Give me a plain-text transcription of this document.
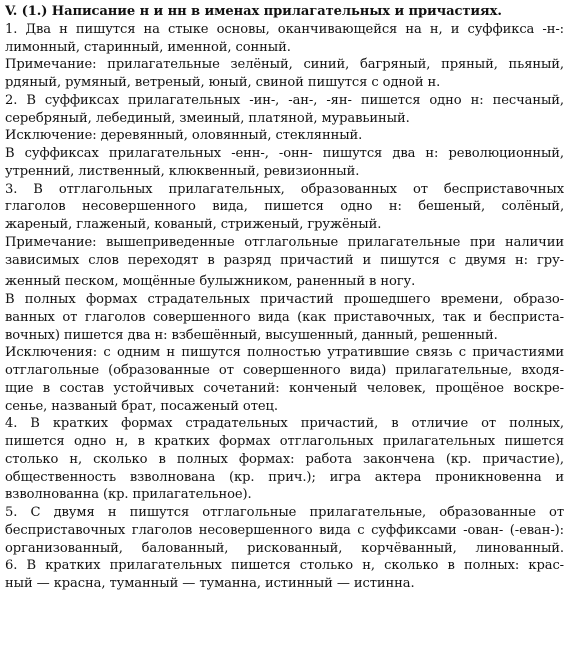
V. (1.) Написание н и нн в именах прилагательных и причастиях.
1. Два н пишутся на стыке основы, оканчивающейся на н, и суффикса -н-:
лимонный, старинный, именной, сонный.
Примечание: прилагательные зелёный, синий, багряный, пряный, пьяный,
рдяный, румяный, ветреный, юный, свиной пишутся с одной н.
2. В суффиксах прилагательных -ин-, -ан-, -ян- пишется одно н: песчаный,
серебряный, лебединый, змеиный, платяной, муравьиный.
Исключение: деревянный, оловянный, стеклянный.
В суффиксах прилагательных -енн-, -онн- пишутся два н: революционный,
утренний, лиственный, клюквенный, ревизионный.
3. В отглагольных прилагательных, образованных от бесприставочных
глаголов несовершенного вида, пишется одно н: бешеный, солёный,
жареный, глаженый, кованый, стриженый, гружёный.
Примечание: вышеприведенные отглагольные прилагательные при наличии
зависимых слов переходят в разряд причастий и пишутся с двумя н: гру-
женный песком, мощённые булыжником, раненный в ногу.
В полных формах страдательных причастий прошедшего времени, образо-
ванных от глаголов совершенного вида (как приставочных, так и бесприста-
вочных) пишется два н: взбешённый, высушенный, данный, решенный.
Исключения: с одним н пишутся полностью утратившие связь с причастиями
отглагольные (образованные от совершенного вида) прилагательные, входя-
щие в состав устойчивых сочетаний: конченый человек, прощёное воскре-
сенье, названый брат, посаженый отец.
4. В кратких формах страдательных причастий, в отличие от полных,
пишется одно н, в кратких формах отглагольных прилагательных пишется
столько н, сколько в полных формах: работа закончена (кр. причастие),
общественность взволнована (кр. прич.); игра актера проникновенна и
взволнованна (кр. прилагательное).
5. С двумя н пишутся отглагольные прилагательные, образованные от
бесприставочных глаголов несовершенного вида с суффиксами -ован- (-еван-):
организованный, балованный, рискованный, корчёванный, линованный.
6. В кратких прилагательных пишется столько н, сколько в полных: крас-
ный — красна, туманный — туманна, истинный — истинна.
